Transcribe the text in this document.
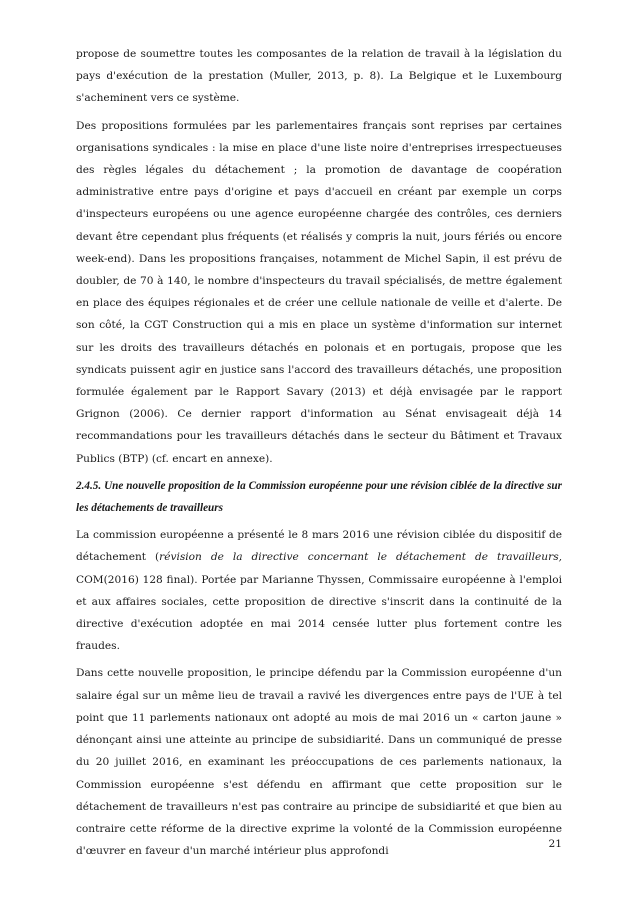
propose de soumettre toutes les composantes de la relation de travail à la législation du pays d'exécution de la prestation (Muller, 2013, p. 8). La Belgique et le Luxembourg s'acheminent vers ce système.

Des propositions formulées par les parlementaires français sont reprises par certaines organisations syndicales : la mise en place d'une liste noire d'entreprises irrespectueuses des règles légales du détachement ; la promotion de davantage de coopération administrative entre pays d'origine et pays d'accueil en créant par exemple un corps d'inspecteurs européens ou une agence européenne chargée des contrôles, ces derniers devant être cependant plus fréquents (et réalisés y compris la nuit, jours fériés ou encore week-end). Dans les propositions françaises, notamment de Michel Sapin, il est prévu de doubler, de 70 à 140, le nombre d'inspecteurs du travail spécialisés, de mettre également en place des équipes régionales et de créer une cellule nationale de veille et d'alerte. De son côté, la CGT Construction qui a mis en place un système d'information sur internet sur les droits des travailleurs détachés en polonais et en portugais, propose que les syndicats puissent agir en justice sans l'accord des travailleurs détachés, une proposition formulée également par le Rapport Savary (2013) et déjà envisagée par le rapport Grignon (2006). Ce dernier rapport d'information au Sénat envisageait déjà 14 recommandations pour les travailleurs détachés dans le secteur du Bâtiment et Travaux Publics (BTP) (cf. encart en annexe).

2.4.5. Une nouvelle proposition de la Commission européenne pour une révision ciblée de la directive sur les détachements de travailleurs

La commission européenne a présenté le 8 mars 2016 une révision ciblée du dispositif de détachement (révision de la directive concernant le détachement de travailleurs, COM(2016) 128 final). Portée par Marianne Thyssen, Commissaire européenne à l'emploi et aux affaires sociales, cette proposition de directive s'inscrit dans la continuité de la directive d'exécution adoptée en mai 2014 censée lutter plus fortement contre les fraudes.

Dans cette nouvelle proposition, le principe défendu par la Commission européenne d'un salaire égal sur un même lieu de travail a ravivé les divergences entre pays de l'UE à tel point que 11 parlements nationaux ont adopté au mois de mai 2016 un « carton jaune » dénonçant ainsi une atteinte au principe de subsidiarité. Dans un communiqué de presse du 20 juillet 2016, en examinant les préoccupations de ces parlements nationaux, la Commission européenne s'est défendu en affirmant que cette proposition sur le détachement de travailleurs n'est pas contraire au principe de subsidiarité et que bien au contraire cette réforme de la directive exprime la volonté de la Commission européenne d'œuvrer en faveur d'un marché intérieur plus approfondi

21
